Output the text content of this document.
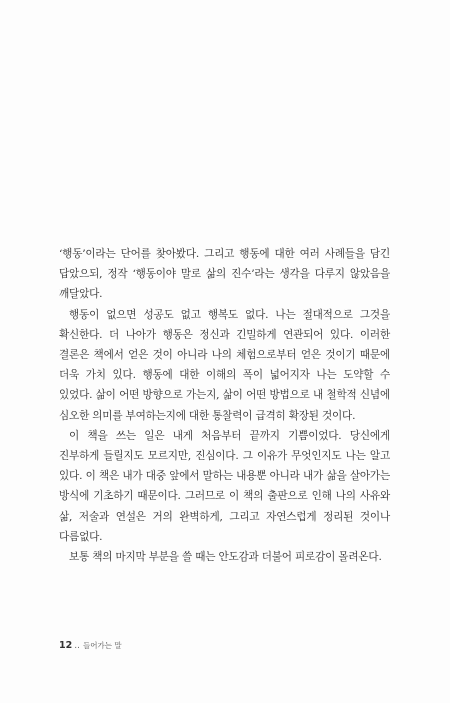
‘행동’이라는 단어를 찾아봤다. 그리고 행동에 대한 여러 사례들을 담긴 답았으되, 정작 ‘행동이야 말로 삶의 진수’라는 생각을 다루지 않았음을 깨달았다.

행동이 없으면 성공도 없고 행복도 없다. 나는 절대적으로 그것을 확신한다. 더 나아가 행동은 정신과 긴밀하게 연관되어 있다. 이러한 결론은 책에서 얻은 것이 아니라 나의 체험으로부터 얻은 것이기 때문에 더욱 가치 있다. 행동에 대한 이해의 폭이 넓어지자 나는 도약할 수 있었다. 삶이 어떤 방향으로 가는지, 삶이 어떤 방법으로 내 철학적 신념에 심오한 의미를 부여하는지에 대한 통찰력이 급격히 확장된 것이다.

이 책을 쓰는 일은 내게 처음부터 끝까지 기쁨이었다. 당신에게 진부하게 들릴지도 모르지만, 진심이다. 그 이유가 무엇인지도 나는 알고 있다. 이 책은 내가 대중 앞에서 말하는 내용뿐 아니라 내가 삶을 살아가는 방식에 기초하기 때문이다. 그러므로 이 책의 출판으로 인해 나의 사유와 삶, 저술과 연설은 거의 완벽하게, 그리고 자연스럽게 정리된 것이나 다름없다.

보통 책의 마지막 부분을 쓸 때는 안도감과 더불어 피로감이 몰려온다.

12 .. 들어가는 말
